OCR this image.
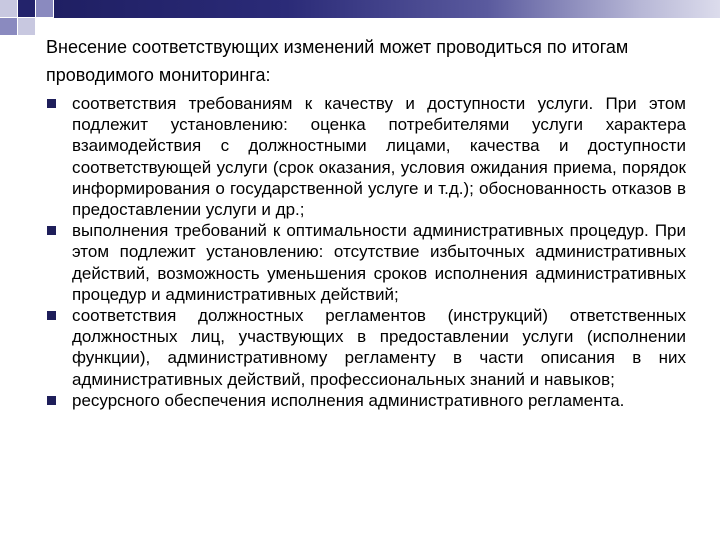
Внесение соответствующих изменений может проводиться по итогам проводимого мониторинга:
соответствия требованиям к качеству и доступности услуги. При этом подлежит установлению: оценка потребителями услуги характера взаимодействия с должностными лицами, качества и доступности соответствующей услуги (срок оказания, условия ожидания приема, порядок информирования о государственной услуге и т.д.); обоснованность отказов в предоставлении услуги и др.;
выполнения требований к оптимальности административных процедур. При этом подлежит установлению: отсутствие избыточных административных действий, возможность уменьшения сроков исполнения административных процедур и административных действий;
соответствия должностных регламентов (инструкций) ответственных должностных лиц, участвующих в предоставлении услуги (исполнении функции), административному регламенту в части описания в них административных действий, профессиональных знаний и навыков;
ресурсного обеспечения исполнения административного регламента.
